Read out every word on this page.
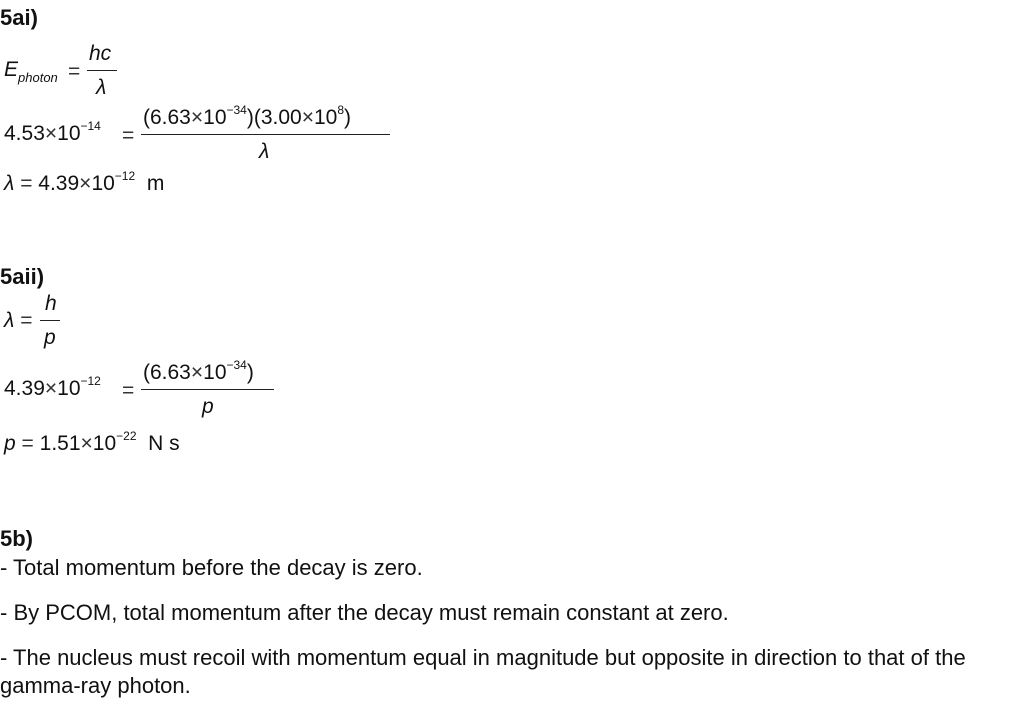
5ai)
$E_{photon}$ =
hc
λ
$4.53\times 10^{-14}$ =
$(6.63\times 10^{-34})(3.00\times 10^8)$
λ
$\lambda = 4.39\times 10^{-12}$ m
5aii)
λ =
h
p
$4.39\times 10^{-12}$ =
$(6.63\times 10^{-34})$
p
$p = 1.51\times 10^{-22}$ N s
5b)
- Total momentum before the decay is zero.
- By PCOM, total momentum after the decay must remain constant at zero.
- The nucleus must recoil with momentum equal in magnitude but opposite in direction to that of the
gamma-ray photon.
